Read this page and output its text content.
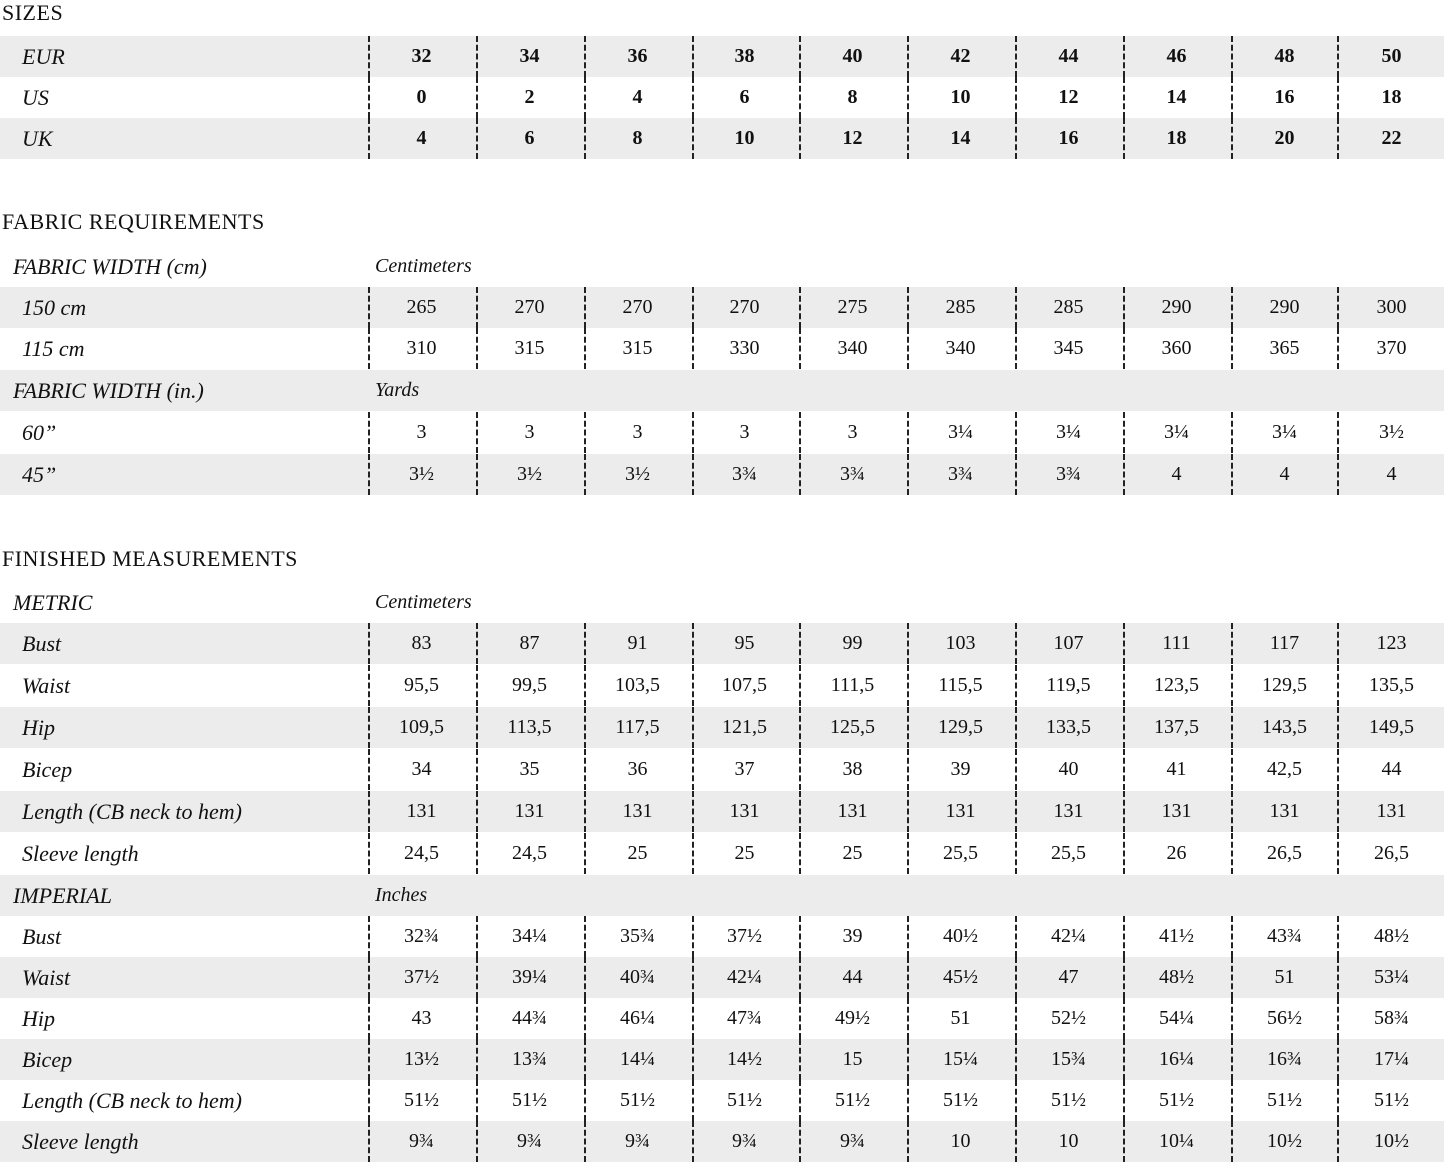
SIZES
FABRIC REQUIREMENTS
FINISHED MEASUREMENTS
EUR	32	34	36	38	40	42	44	46	48	50
US	0	2	4	6	8	10	12	14	16	18
UK	4	6	8	10	12	14	16	18	20	22
FABRIC WIDTH (cm)	Centimeters
150 cm	265	270	270	270	275	285	285	290	290	300
115 cm	310	315	315	330	340	340	345	360	365	370
FABRIC WIDTH (in.)	Yards
60”	3	3	3	3	3	3¼	3¼	3¼	3¼	3½
45”	3½	3½	3½	3¾	3¾	3¾	3¾	4	4	4
METRIC	Centimeters
Bust	83	87	91	95	99	103	107	111	117	123
Waist	95,5	99,5	103,5	107,5	111,5	115,5	119,5	123,5	129,5	135,5
Hip	109,5	113,5	117,5	121,5	125,5	129,5	133,5	137,5	143,5	149,5
Bicep	34	35	36	37	38	39	40	41	42,5	44
Length (CB neck to hem)	131	131	131	131	131	131	131	131	131	131
Sleeve length	24,5	24,5	25	25	25	25,5	25,5	26	26,5	26,5
IMPERIAL	Inches
Bust	32¾	34¼	35¾	37½	39	40½	42¼	41½	43¾	48½
Waist	37½	39¼	40¾	42¼	44	45½	47	48½	51	53¼
Hip	43	44¾	46¼	47¾	49½	51	52½	54¼	56½	58¾
Bicep	13½	13¾	14¼	14½	15	15¼	15¾	16¼	16¾	17¼
Length (CB neck to hem)	51½	51½	51½	51½	51½	51½	51½	51½	51½	51½
Sleeve length	9¾	9¾	9¾	9¾	9¾	10	10	10¼	10½	10½
